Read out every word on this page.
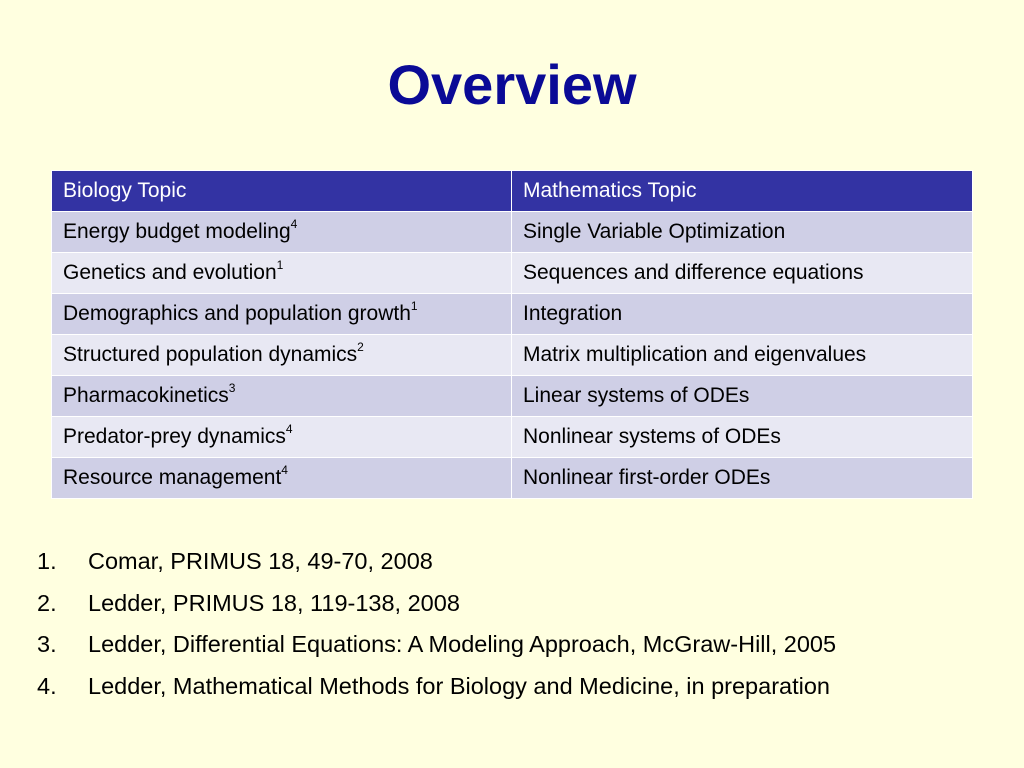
Overview
Biology Topic	Mathematics Topic
Energy budget modeling$^4$	Single Variable Optimization
Genetics and evolution$^1$	Sequences and difference equations
Demographics and population growth$^1$	Integration
Structured population dynamics$^2$	Matrix multiplication and eigenvalues
Pharmacokinetics$^3$	Linear systems of ODEs
Predator-prey dynamics$^4$	Nonlinear systems of ODEs
Resource management$^4$	Nonlinear first-order ODEs
1. Comar, PRIMUS 18, 49-70, 2008
2. Ledder, PRIMUS 18, 119-138, 2008
3. Ledder, Differential Equations: A Modeling Approach, McGraw-Hill, 2005
4. Ledder, Mathematical Methods for Biology and Medicine, in preparation
